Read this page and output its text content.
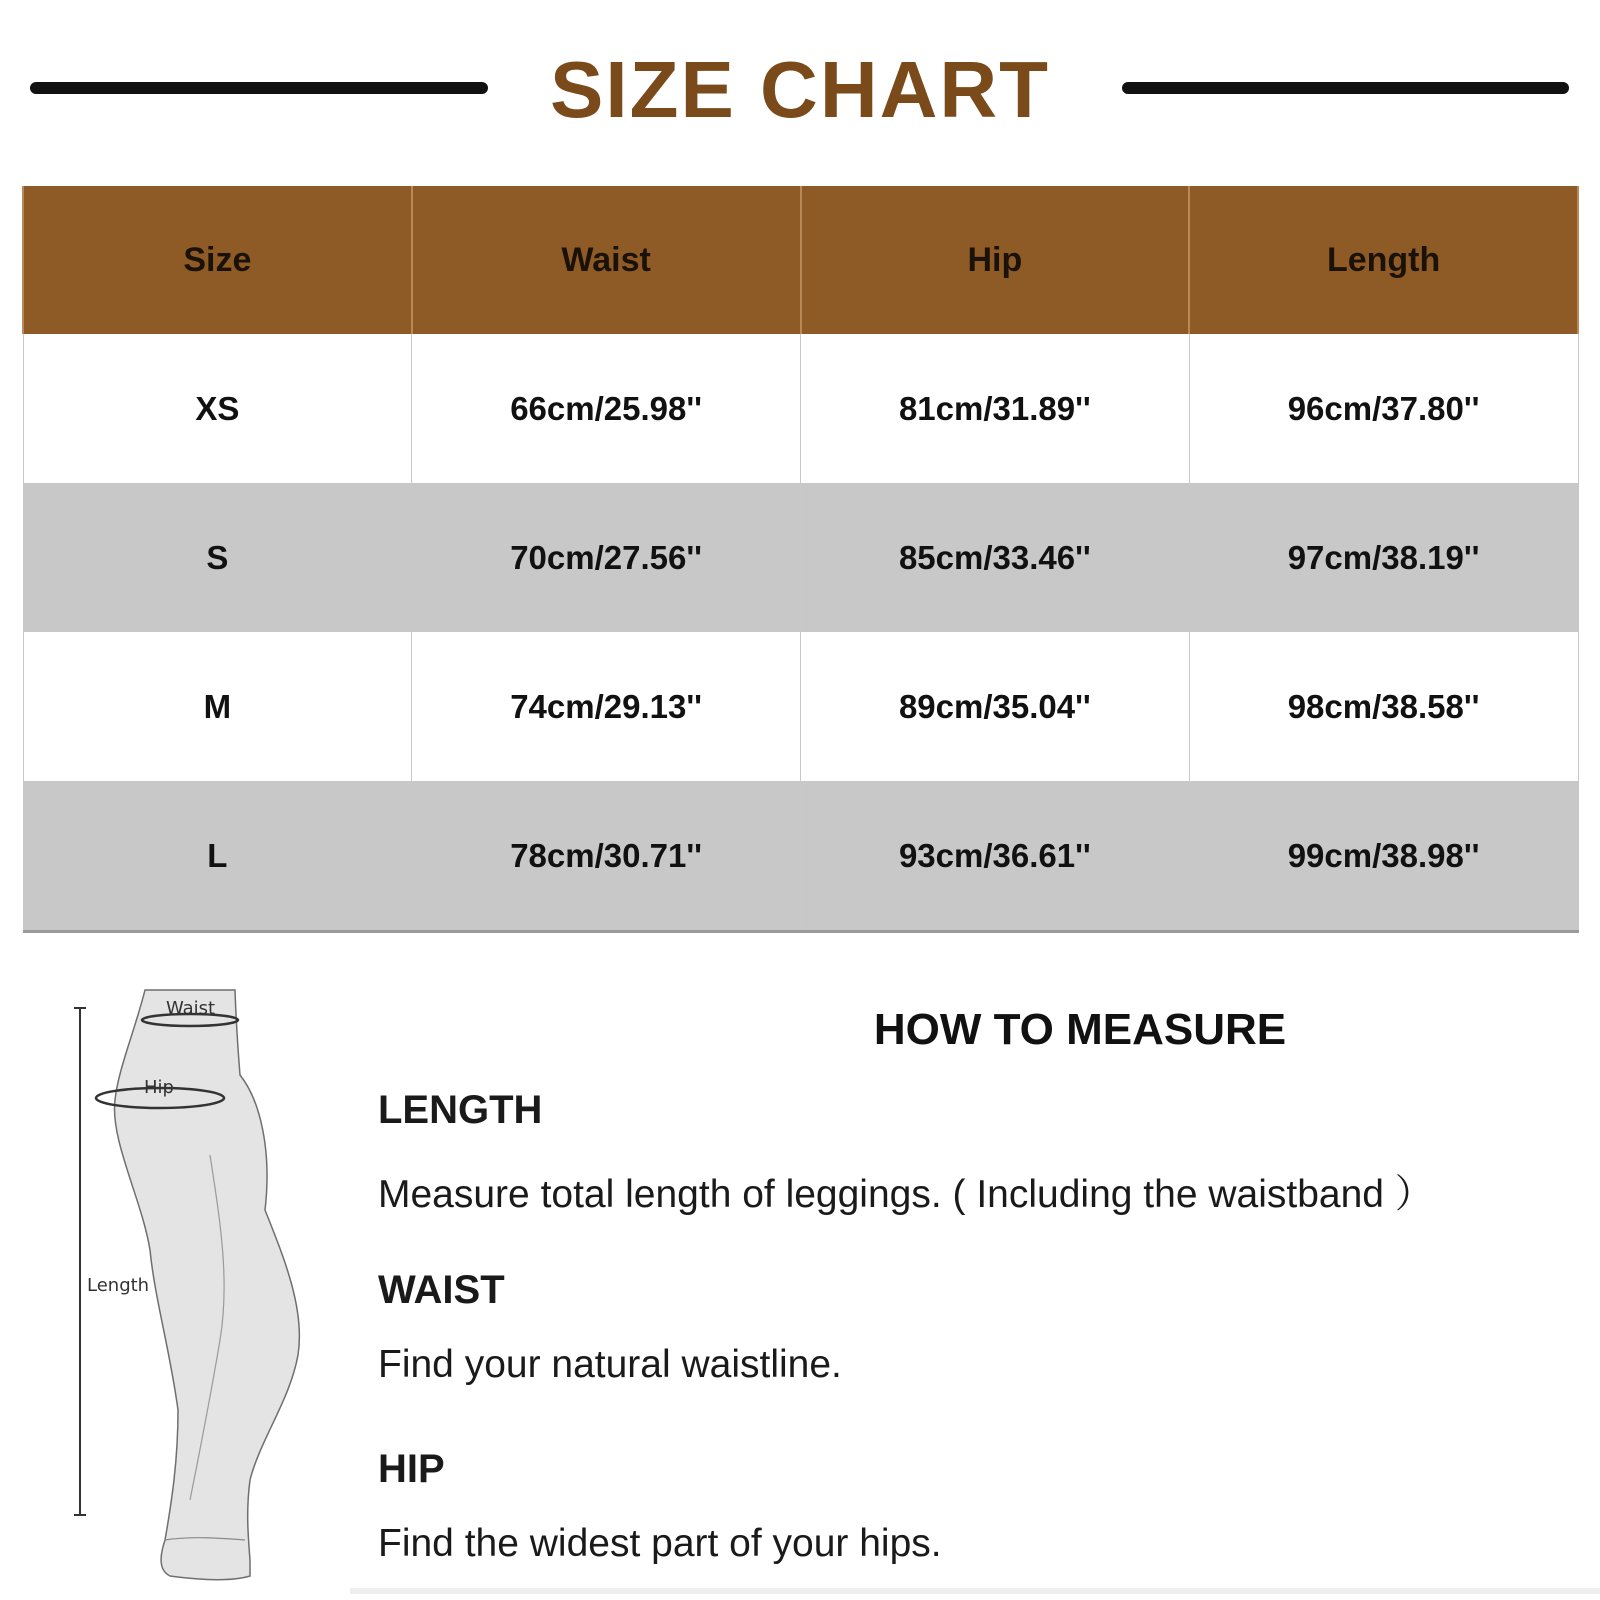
SIZE CHART
Size	Waist	Hip	Length
XS	66cm/25.98''	81cm/31.89''	96cm/37.80''
S	70cm/27.56''	85cm/33.46''	97cm/38.19''
M	74cm/29.13''	89cm/35.04''	98cm/38.58''
L	78cm/30.71''	93cm/36.61''	99cm/38.98''
Waist
Hip
Length
HOW TO MEASURE
LENGTH
Measure total length of leggings. ( Including the waistband ）
WAIST
Find your natural waistline.
HIP
Find the widest part of your hips.
